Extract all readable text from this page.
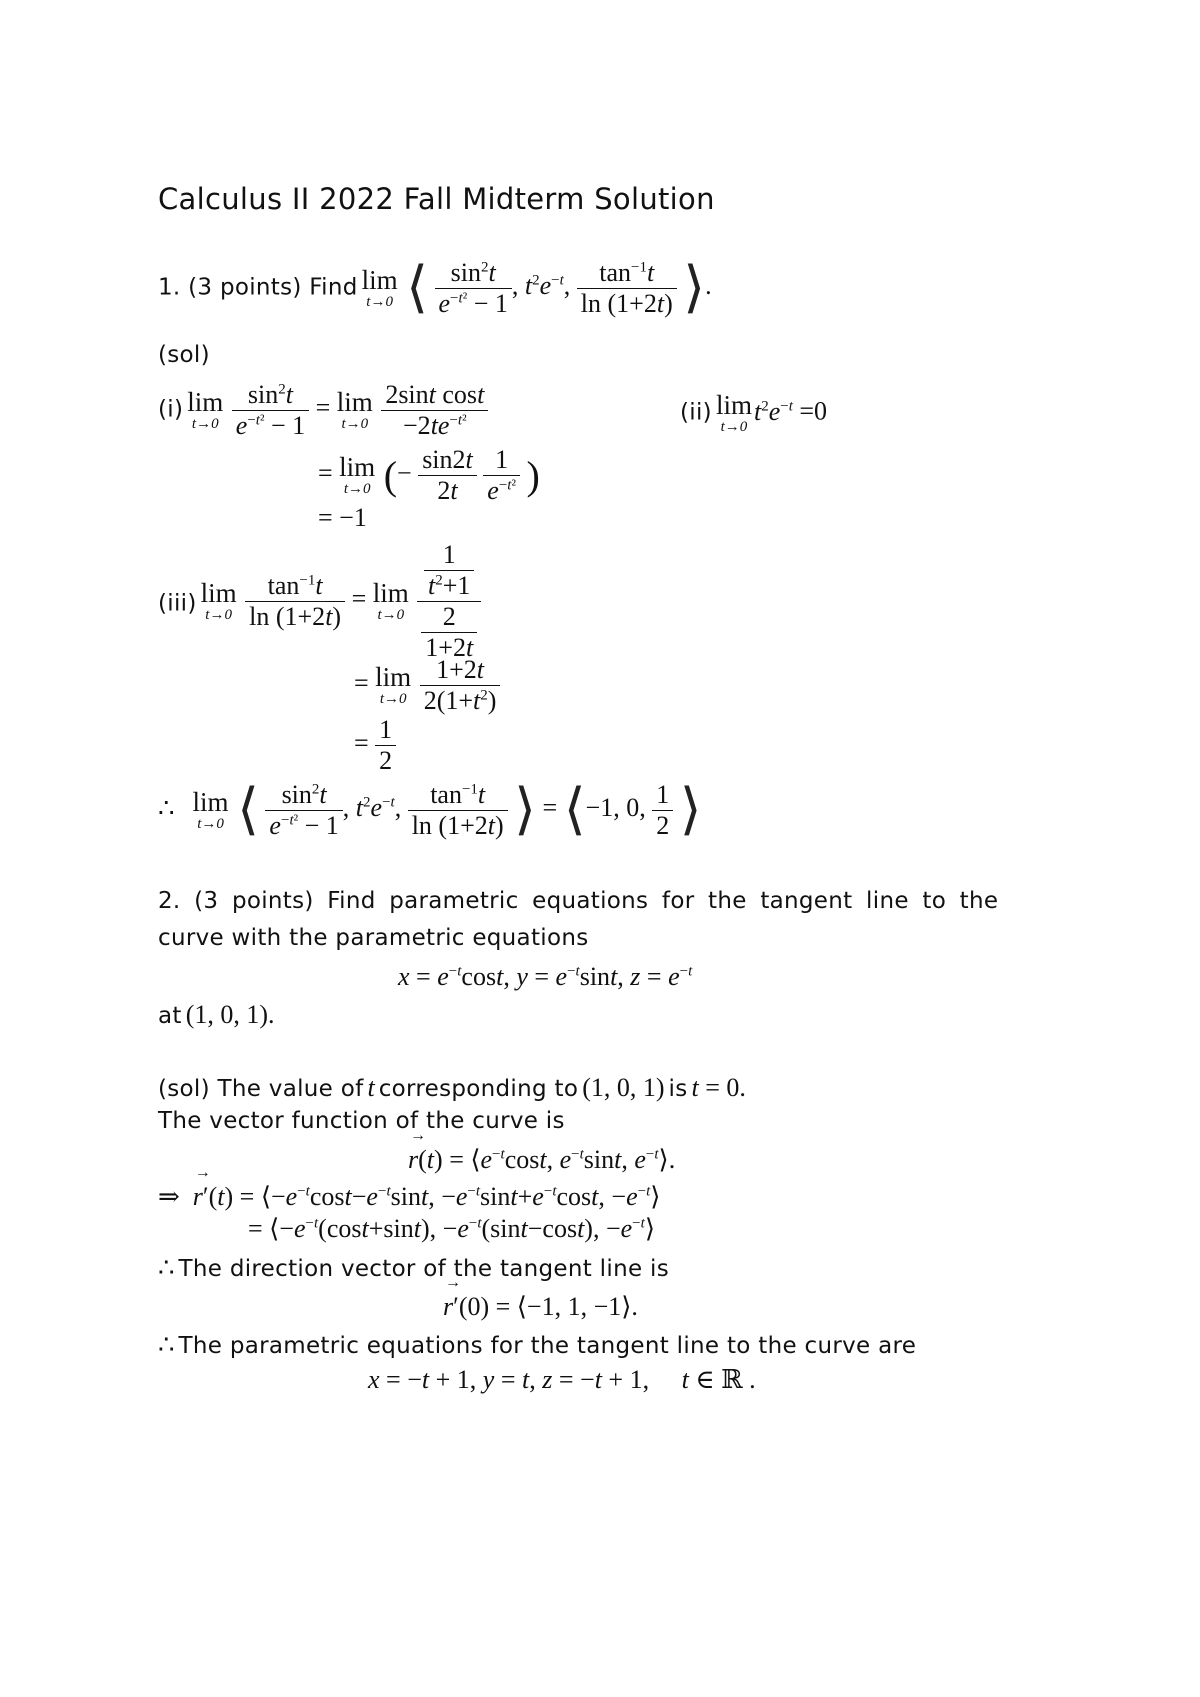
Calculus II 2022 Fall Midterm Solution
1. (3 points) Find lim
t→0 ⟨ $\frac{\sin^2t}{e^{-t^2} - 1}$ , $t^2e^{-t}$, $\frac{\tan^{-1}t}{\ln (1+2t)}$ ⟩.
(sol)
(i) lim
t→0
$\frac{\sin^2t}{e^{-t^2} - 1} = \lim$
t→0
$\frac{\text{2sint cost}}{-2te^{-t^2}}$	(ii) lim
t→0
$t^2e^{-t} =0$
= lim
t→0 (− $\frac{\sin 2t}{2t}$
$\frac{1}{e^{-t^2}}$ )
= −1
(iii) lim
t→0
$\frac{\tan^{-1}t}{\ln (1+2t)} = \lim$
t→0
$\frac{\frac{1}{t^2+1}}{\frac{2}{1+2t}}$
= lim
t→0
$\frac{1+2t}{2(1+t^2)}$
= $\frac{1}{2}$
∴ lim
t→0 ⟨ $\frac{\sin^2t}{e^{-t^2} - 1}$ , $t^2e^{-t}$, $\frac{\tan^{-1}t}{\ln (1+2t)}$ ⟩ = ⟨−1, 0, $\frac{1}{2}$ ⟩
2. (3 points) Find parametric equations for the tangent line to the
curve with the parametric equations
$x = e^{-t}\cos t$, $y = e^{-t}\sin t$, $z = e^{-t}$
at (1, 0, 1).
(sol) The value of t corresponding to (1, 0, 1) is t = 0.
The vector function of the curve is
→ $r(t) = ⟨e^{-t}\cos t$, $e^{-t}\sin t$, $e^{-t}⟩$.
⇒  → $r'(t) = ⟨-e^{-t}\cos t-e^{-t}\sin t$, $-e^{-t}\sin t+e^{-t}\cos t$, $-e^{-t}⟩$
= $⟨-e^{-t}(\cos t+\sin t)$, $-e^{-t}(\sin t-\cos t)$, $-e^{-t}⟩$
∴ The direction vector of the tangent line is
→ r′(0) = ⟨−1, 1, −1⟩.
∴ The parametric equations for the tangent line to the curve are
x = −t + 1, y = t, z = −t + 1,     t ∈ ℝ .
